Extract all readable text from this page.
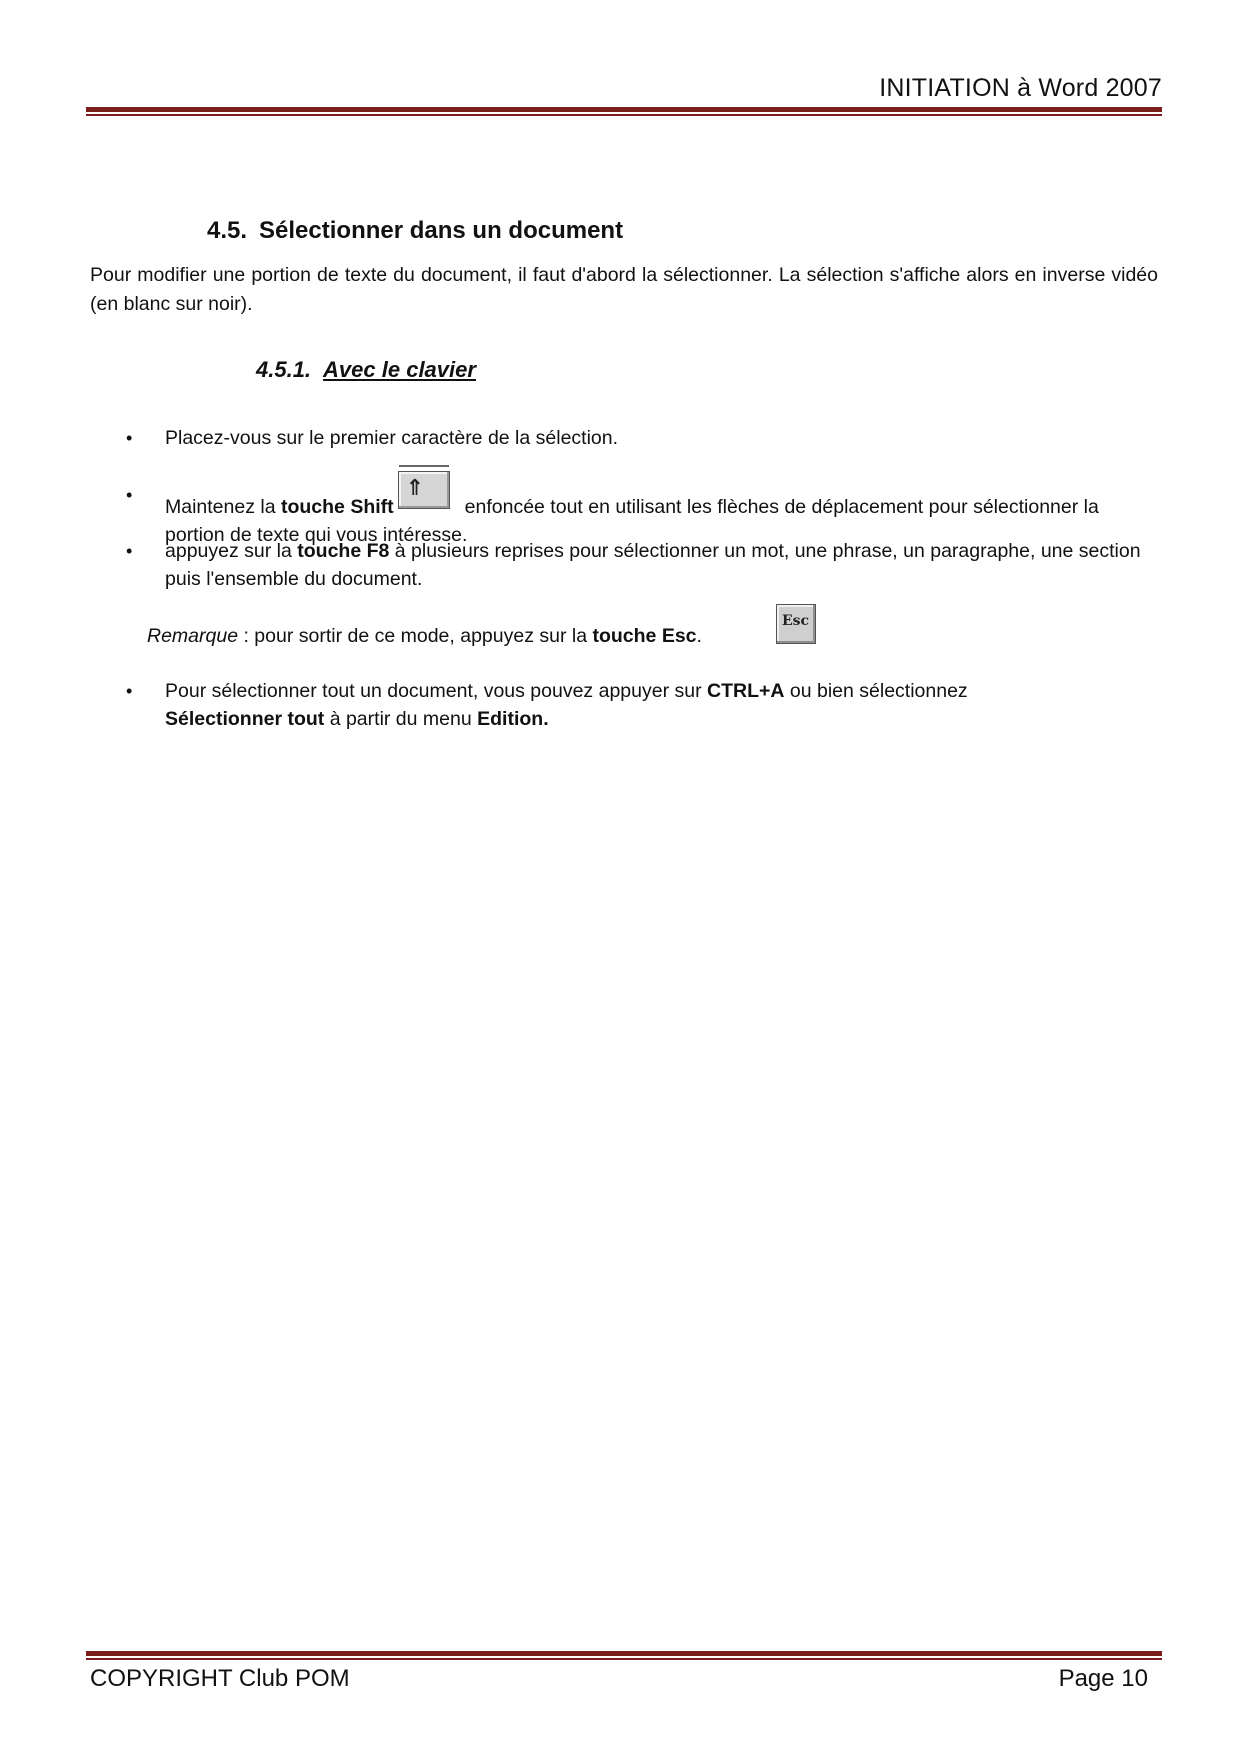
INITIATION à Word 2007
4.5. Sélectionner dans un document
Pour modifier une portion de texte du document, il faut d'abord la sélectionner. La sélection s'affiche alors en inverse vidéo (en blanc sur noir).
4.5.1. Avec le clavier
• Placez-vous sur le premier caractère de la sélection.
•
Maintenez la touche Shift
⇑
enfoncée tout en utilisant les flèches de déplacement pour sélectionner la portion de texte qui vous intéresse.
• appuyez sur la touche F8 à plusieurs reprises pour sélectionner un mot, une phrase, un paragraphe, une section puis l'ensemble du document.
Remarque : pour sortir de ce mode, appuyez sur la touche Esc.
Esc
• Pour sélectionner tout un document, vous pouvez appuyer sur CTRL+A ou bien sélectionnez
Sélectionner tout à partir du menu Edition.
COPYRIGHT Club POM	Page 10
